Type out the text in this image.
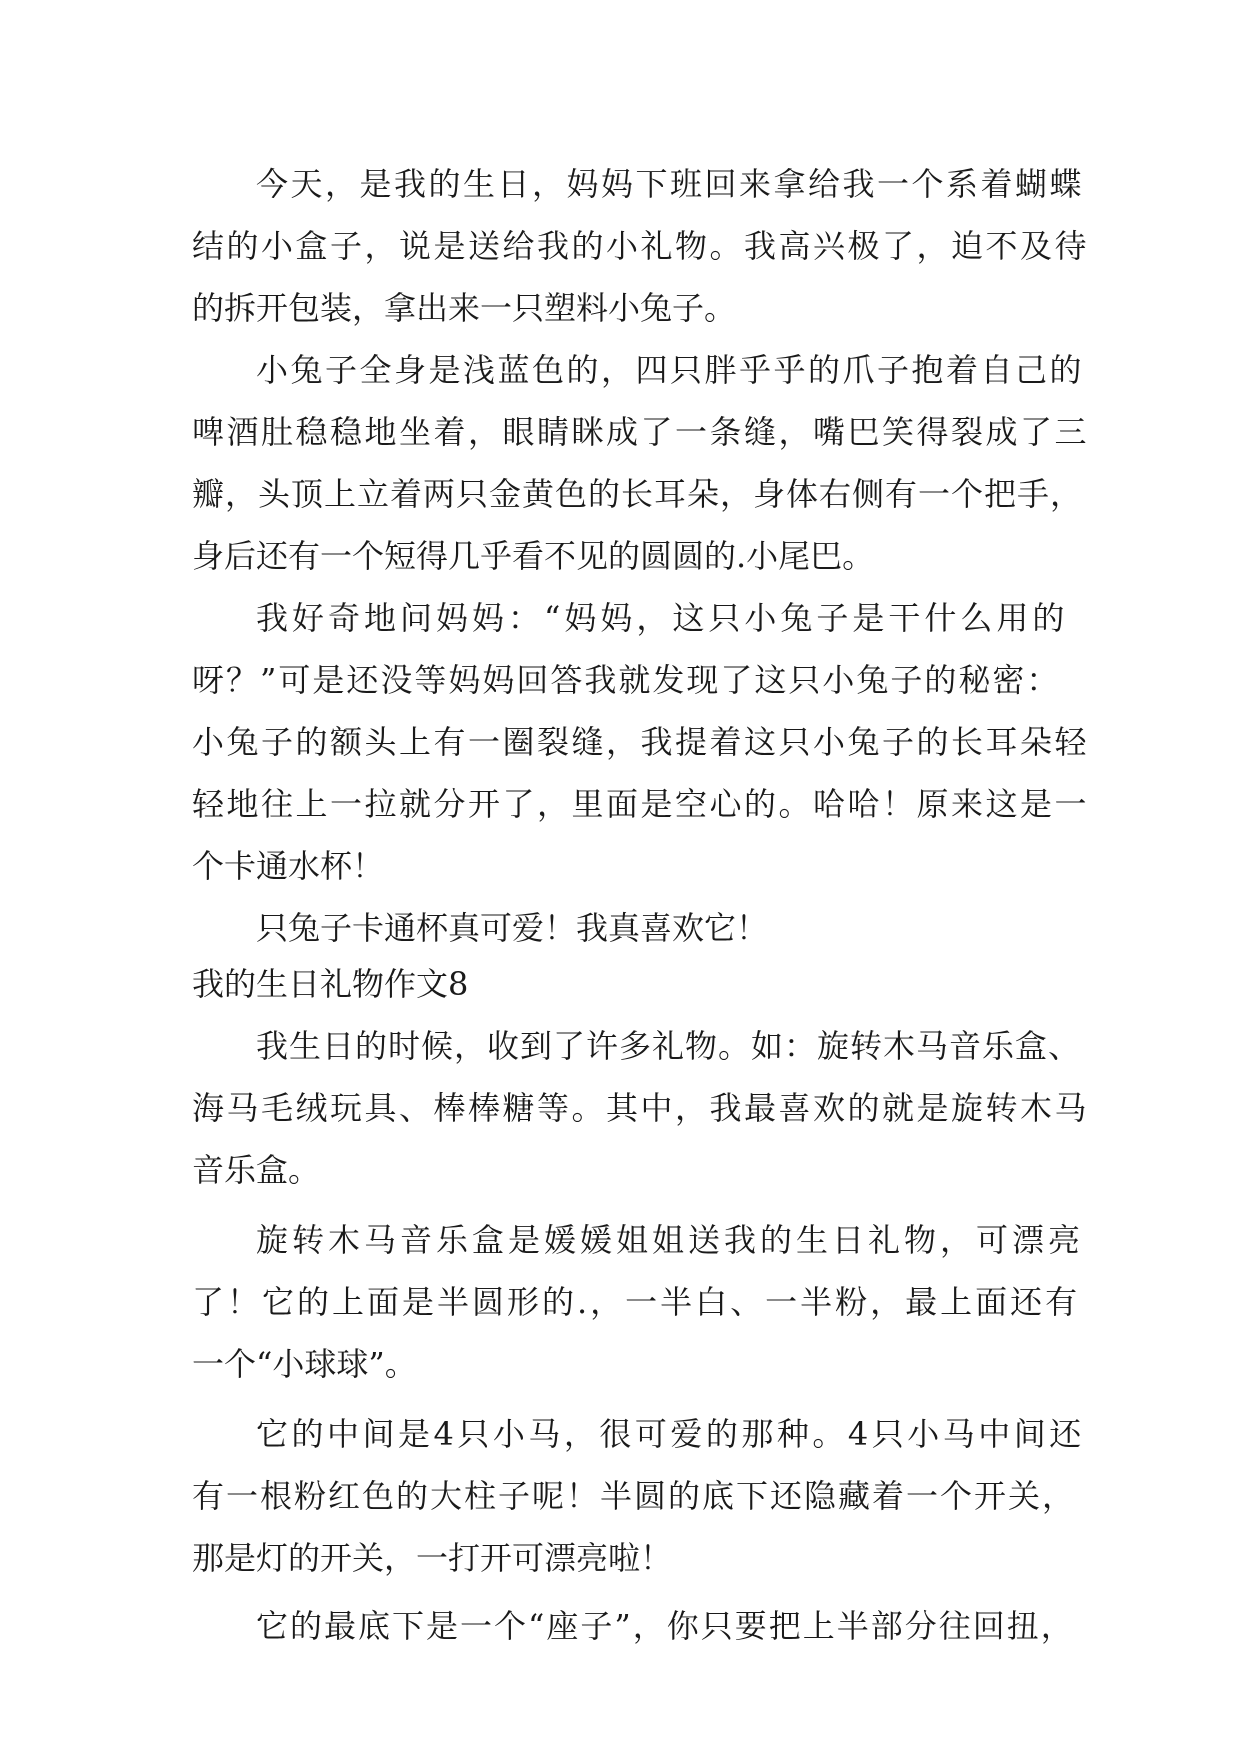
今天，是我的生日，妈妈下班回来拿给我一个系着蝴蝶
结的小盒子，说是送给我的小礼物。我高兴极了，迫不及待
的拆开包装，拿出来一只塑料小兔子。
小兔子全身是浅蓝色的，四只胖乎乎的爪子抱着自己的
啤酒肚稳稳地坐着，眼睛眯成了一条缝，嘴巴笑得裂成了三
瓣，头顶上立着两只金黄色的长耳朵，身体右侧有一个把手，
身后还有一个短得几乎看不见的圆圆的.小尾巴。
我好奇地问妈妈：“妈妈，这只小兔子是干什么用的
呀？”可是还没等妈妈回答我就发现了这只小兔子的秘密：
小兔子的额头上有一圈裂缝，我提着这只小兔子的长耳朵轻
轻地往上一拉就分开了，里面是空心的。哈哈！原来这是一
个卡通水杯！
只兔子卡通杯真可爱！我真喜欢它！
我的生日礼物作文8
我生日的时候，收到了许多礼物。如：旋转木马音乐盒、
海马毛绒玩具、棒棒糖等。其中，我最喜欢的就是旋转木马
音乐盒。
旋转木马音乐盒是媛媛姐姐送我的生日礼物，可漂亮
了！它的上面是半圆形的.，一半白、一半粉，最上面还有
一个“小球球”。
它的中间是4只小马，很可爱的那种。4只小马中间还
有一根粉红色的大柱子呢！半圆的底下还隐藏着一个开关，
那是灯的开关，一打开可漂亮啦！
它的最底下是一个“座子”，你只要把上半部分往回扭，
